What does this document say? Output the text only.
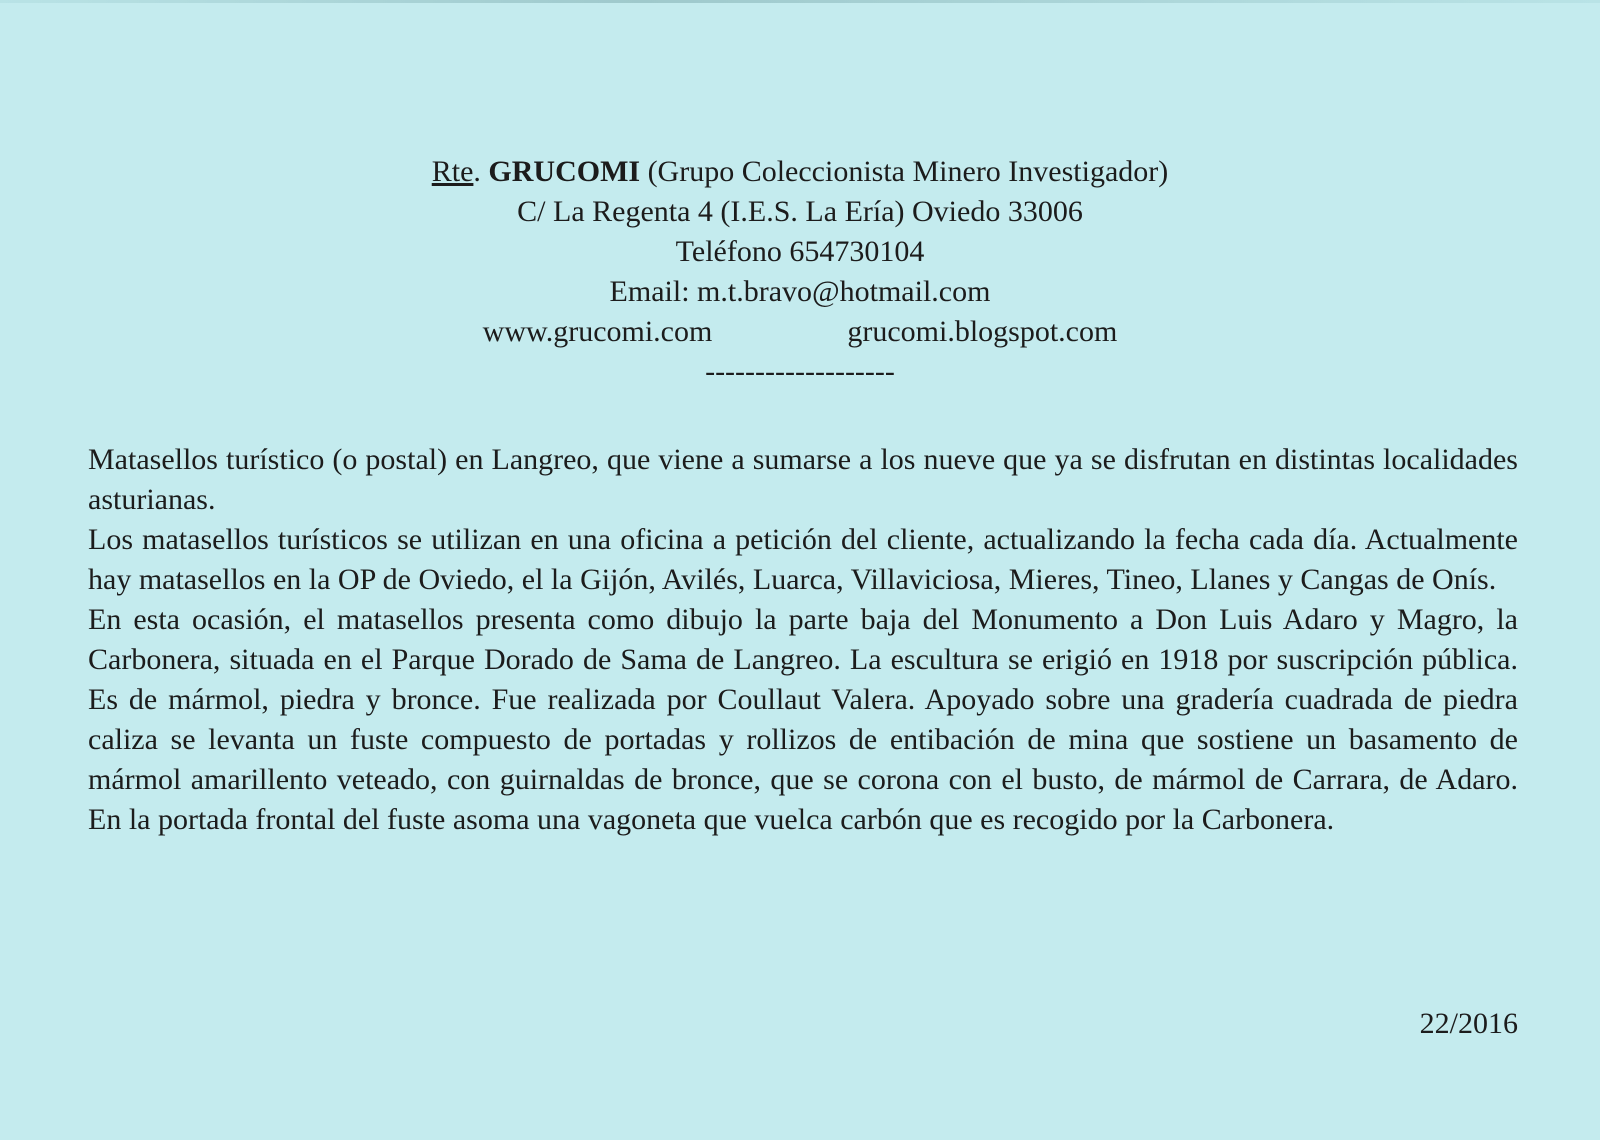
Rte. GRUCOMI (Grupo Coleccionista Minero Investigador)
C/ La Regenta 4 (I.E.S. La Ería) Oviedo 33006
Teléfono 654730104
Email: m.t.bravo@hotmail.com
www.grucomi.com	grucomi.blogspot.com
-------------------

Matasellos turístico (o postal) en Langreo, que viene a sumarse a los nueve que ya se disfrutan en distintas localidades asturianas.

Los matasellos turísticos se utilizan en una oficina a petición del cliente, actualizando la fecha cada día. Actualmente hay matasellos en la OP de Oviedo, el la Gijón, Avilés, Luarca, Villaviciosa, Mieres, Tineo, Llanes y Cangas de Onís.

En esta ocasión, el matasellos presenta como dibujo la parte baja del Monumento a Don Luis Adaro y Magro, la Carbonera, situada en el Parque Dorado de Sama de Langreo. La escultura se erigió en 1918 por suscripción pública. Es de mármol, piedra y bronce. Fue realizada por Coullaut Valera. Apoyado sobre una gradería cuadrada de piedra caliza se levanta un fuste compuesto de portadas y rollizos de entibación de mina que sostiene un basamento de mármol amarillento veteado, con guirnaldas de bronce, que se corona con el busto, de mármol de Carrara, de Adaro. En la portada frontal del fuste asoma una vagoneta que vuelca carbón que es recogido por la Carbonera.

22/2016
